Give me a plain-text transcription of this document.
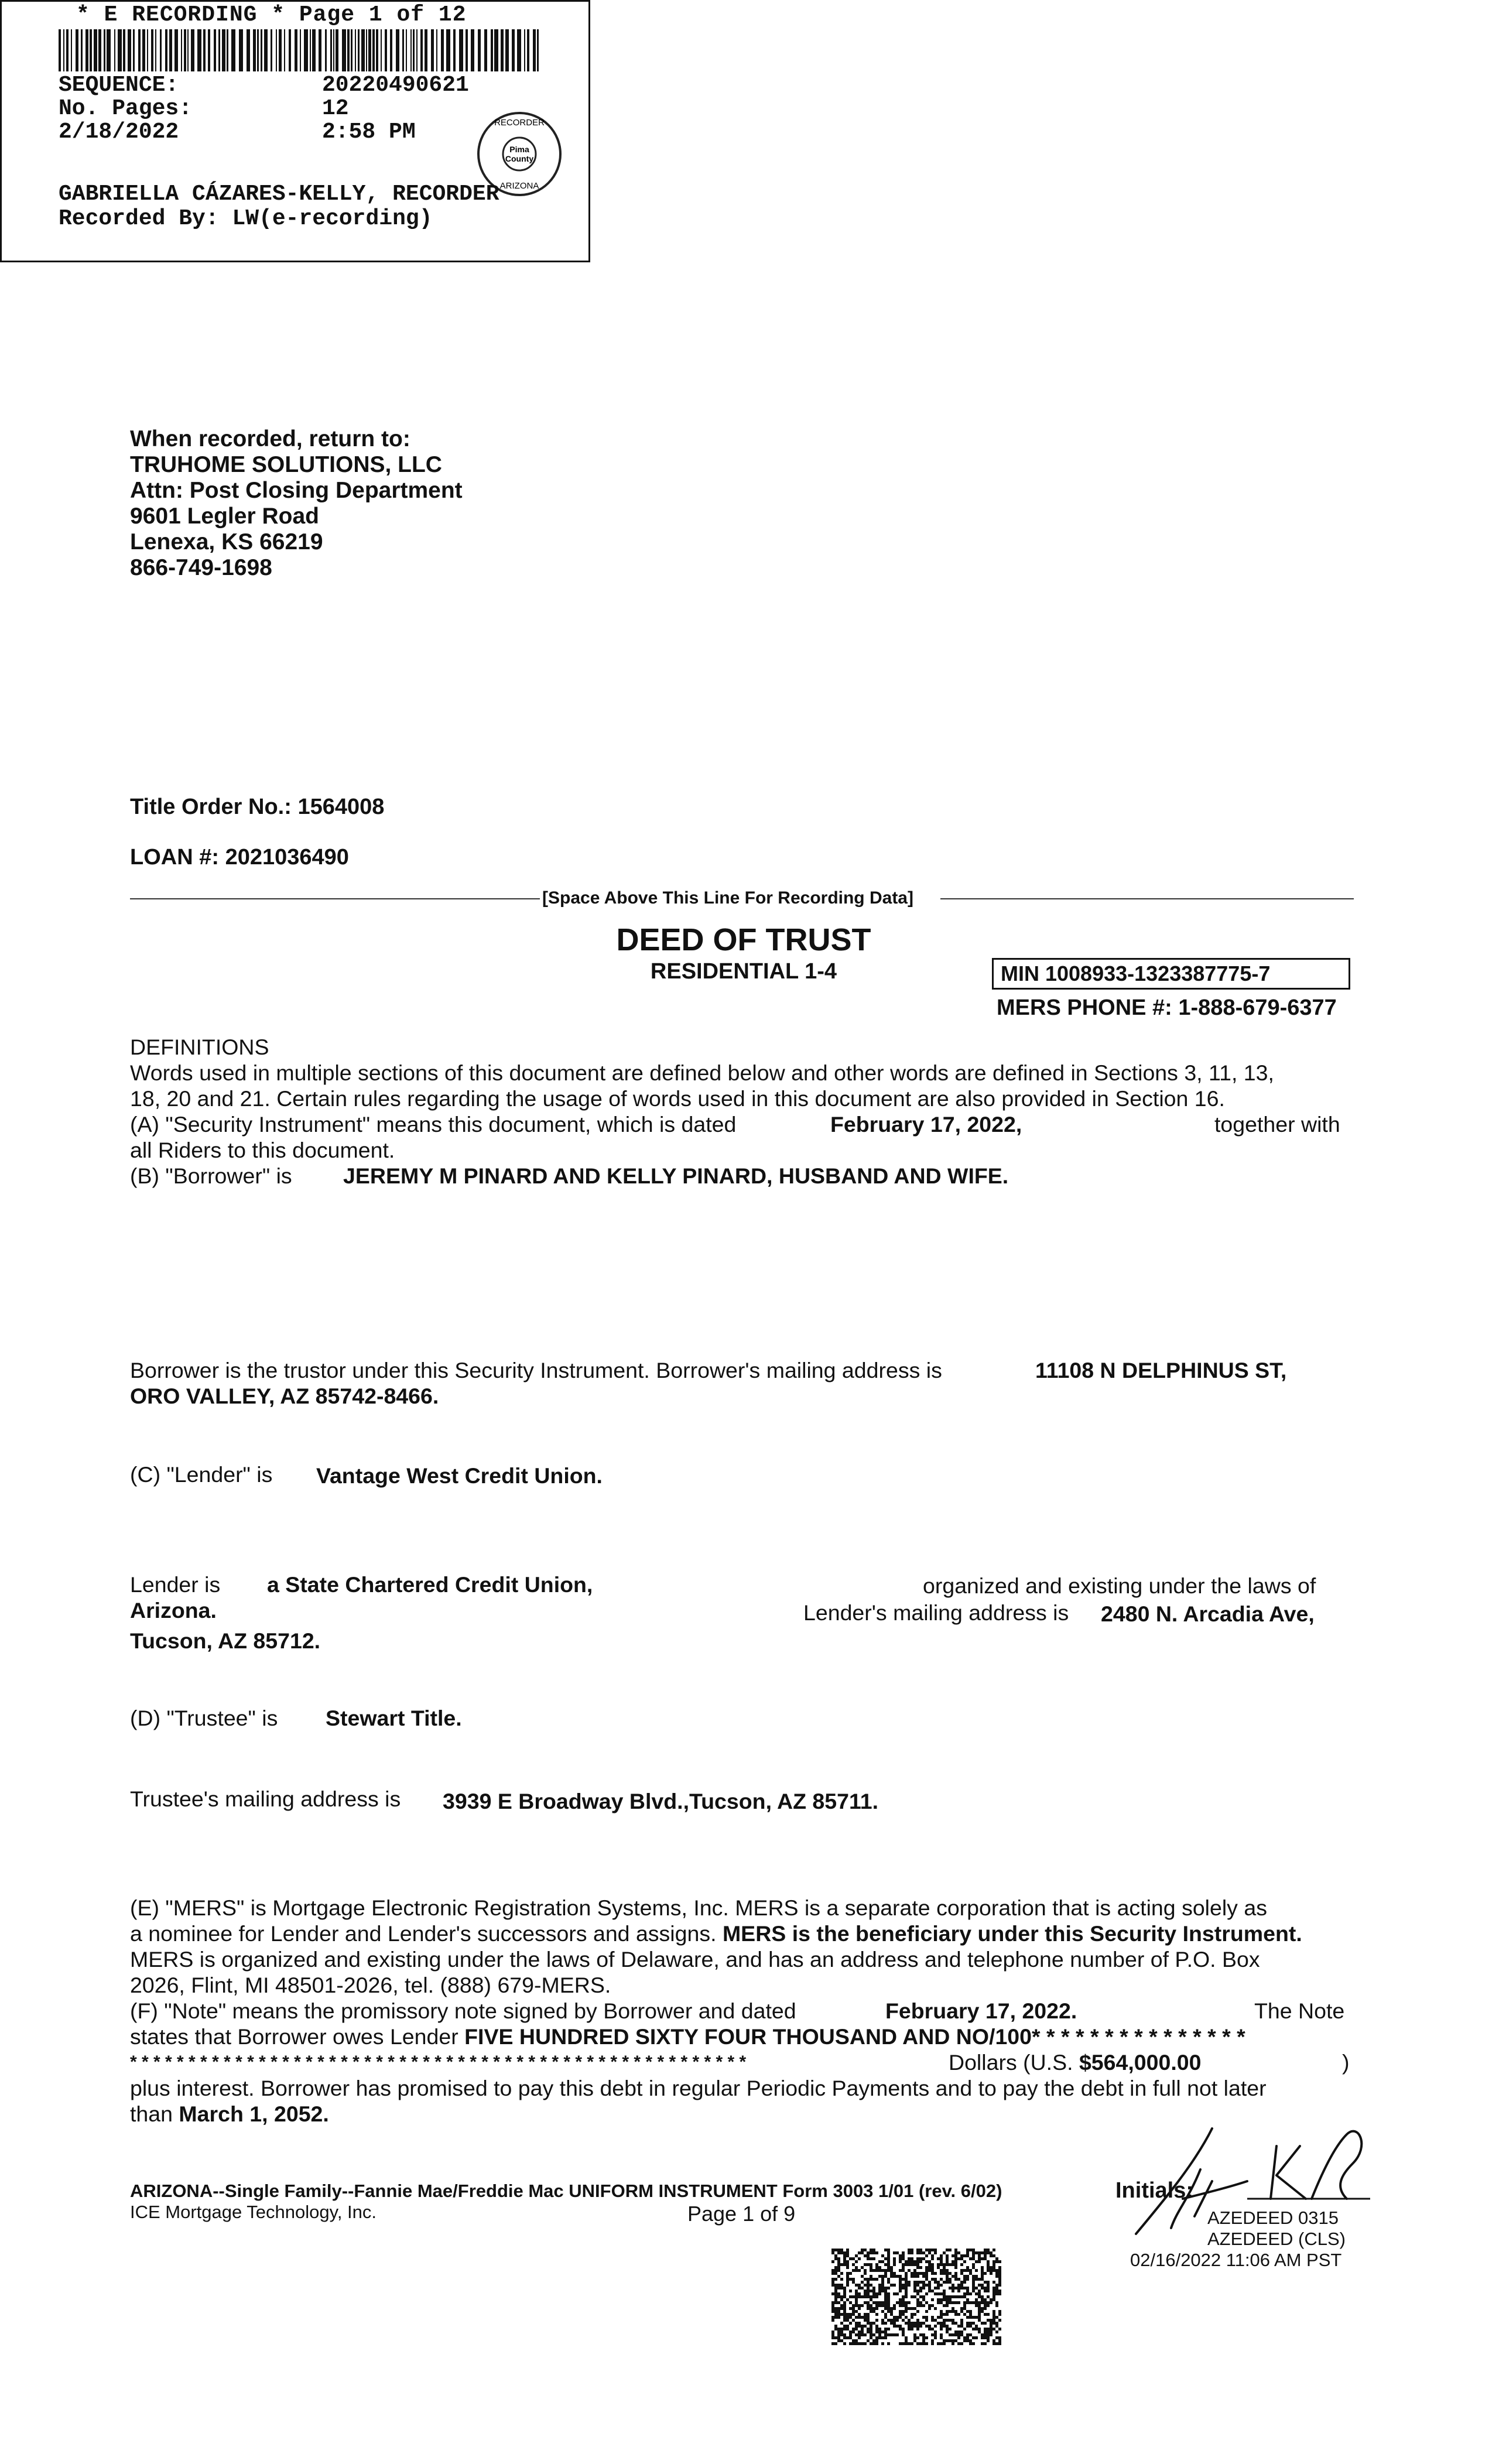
* E RECORDING * Page 1 of 12
SEQUENCE:	20220490621
No. Pages:	12
2/18/2022	2:58 PM
Pima
County
RECORDER
ARIZONA
GABRIELLA CÁZARES-KELLY, RECORDER
Recorded By: LW(e-recording)
When recorded, return to:
TRUHOME SOLUTIONS, LLC
Attn: Post Closing Department
9601 Legler Road
Lenexa, KS 66219
866-749-1698
Title Order No.: 1564008
LOAN #: 2021036490
[Space Above This Line For Recording Data]
DEED OF TRUST
RESIDENTIAL 1-4	MIN 1008933-1323387775-7
MERS PHONE #: 1-888-679-6377
DEFINITIONS
Words used in multiple sections of this document are defined below and other words are defined in Sections 3, 11, 13,
18, 20 and 21. Certain rules regarding the usage of words used in this document are also provided in Section 16.
(A) "Security Instrument" means this document, which is dated	February 17, 2022,	together with
all Riders to this document.
(B) "Borrower" is JEREMY M PINARD AND KELLY PINARD, HUSBAND AND WIFE.
Borrower is the trustor under this Security Instrument. Borrower's mailing address is	11108 N DELPHINUS ST,
ORO VALLEY, AZ 85742-8466.
(C) "Lender" is Vantage West Credit Union.
Lender is a State Chartered Credit Union,	organized and existing under the laws of
Arizona.	Lender's mailing address is 2480 N. Arcadia Ave,
Tucson, AZ 85712.
(D) "Trustee" is Stewart Title.
Trustee's mailing address is 3939 E Broadway Blvd.,Tucson, AZ 85711.
(E) "MERS" is Mortgage Electronic Registration Systems, Inc. MERS is a separate corporation that is acting solely as
a nominee for Lender and Lender's successors and assigns. MERS is the beneficiary under this Security Instrument.
MERS is organized and existing under the laws of Delaware, and has an address and telephone number of P.O. Box
2026, Flint, MI 48501-2026, tel. (888) 679-MERS.
(F) "Note" means the promissory note signed by Borrower and dated	February 17, 2022.	The Note
states that Borrower owes Lender FIVE HUNDRED SIXTY FOUR THOUSAND AND NO/100* * * * * * * * * * * * * * *
* * * * * * * * * * * * * * * * * * * * * * * * * * * * * * * * * * * * * * * * * * * * * * * * * * * * *	Dollars (U.S. $564,000.00	)
plus interest. Borrower has promised to pay this debt in regular Periodic Payments and to pay the debt in full not later
than March 1, 2052.
ARIZONA--Single Family--Fannie Mae/Freddie Mac UNIFORM INSTRUMENT Form 3003 1/01 (rev. 6/02)
ICE Mortgage Technology, Inc.	Page 1 of 9
Initials:
AZEDEED 0315
AZEDEED (CLS)
02/16/2022 11:06 AM PST
